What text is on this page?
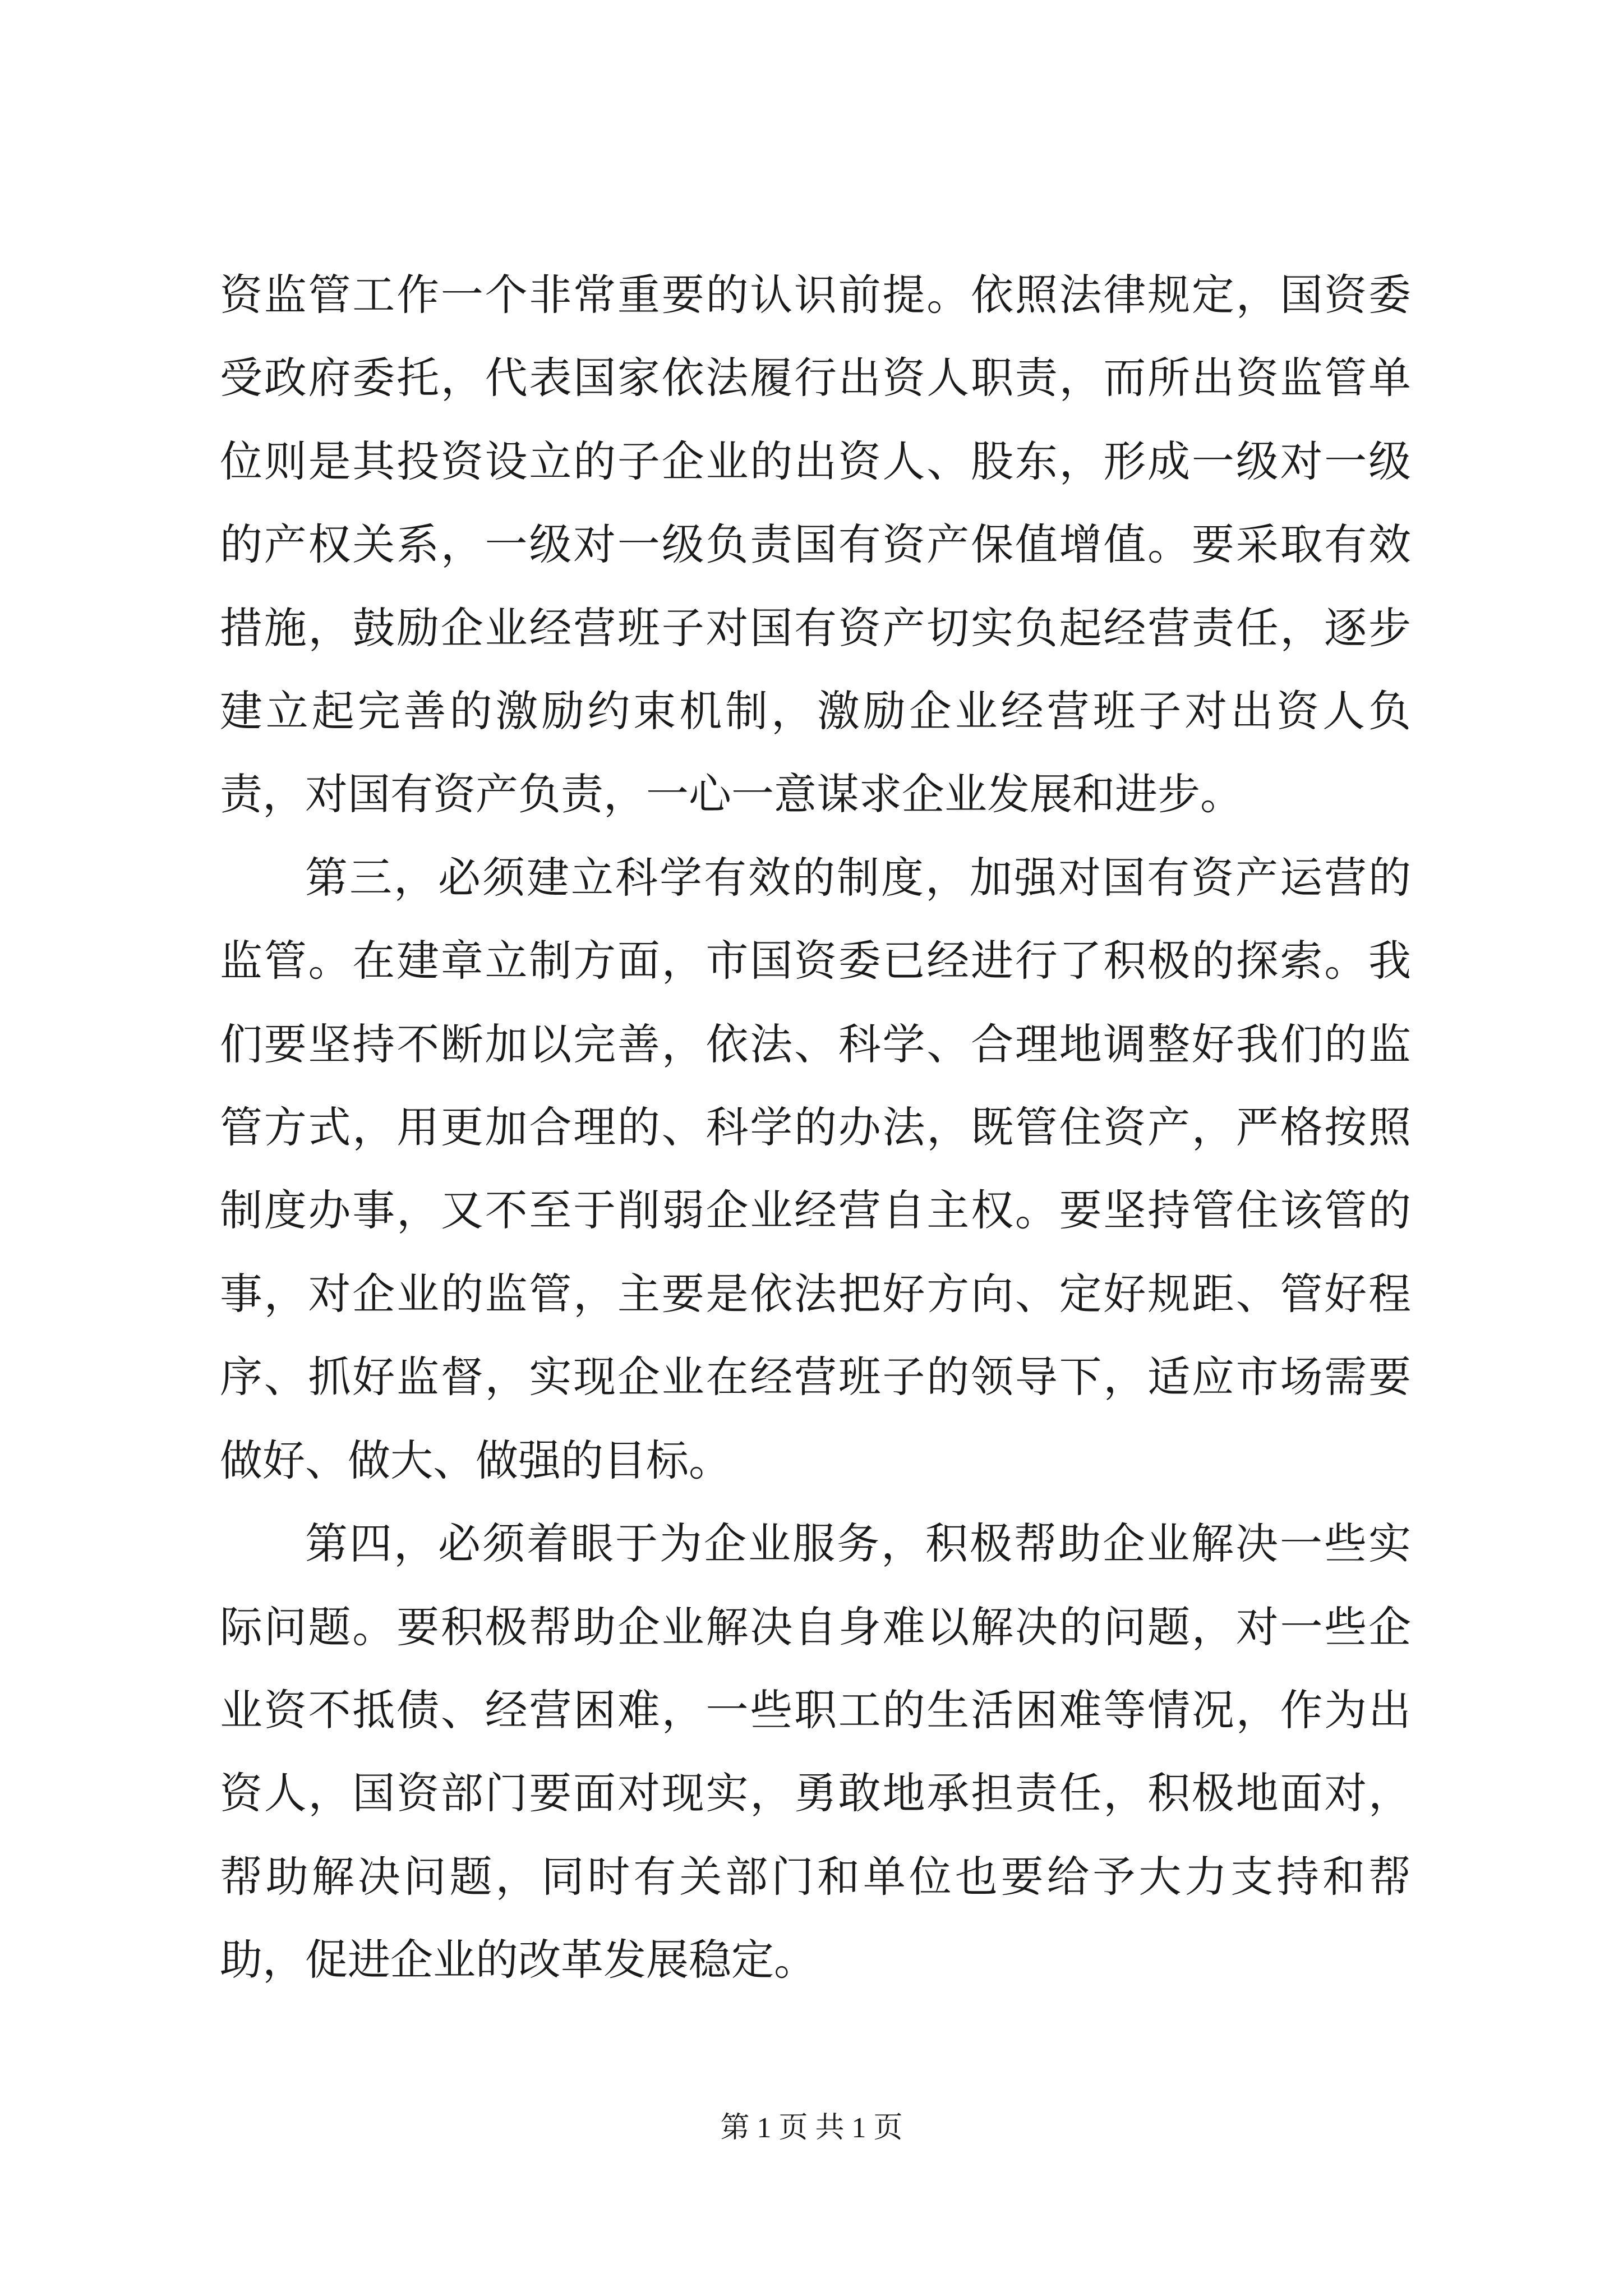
资监管工作一个非常重要的认识前提。依照法律规定，国资委受政府委托，代表国家依法履行出资人职责，而所出资监管单位则是其投资设立的子企业的出资人、股东，形成一级对一级的产权关系，一级对一级负责国有资产保值增值。要采取有效措施，鼓励企业经营班子对国有资产切实负起经营责任，逐步建立起完善的激励约束机制，激励企业经营班子对出资人负责，对国有资产负责，一心一意谋求企业发展和进步。

第三，必须建立科学有效的制度，加强对国有资产运营的监管。在建章立制方面，市国资委已经进行了积极的探索。我们要坚持不断加以完善，依法、科学、合理地调整好我们的监管方式，用更加合理的、科学的办法，既管住资产，严格按照制度办事，又不至于削弱企业经营自主权。要坚持管住该管的事，对企业的监管，主要是依法把好方向、定好规距、管好程序、抓好监督，实现企业在经营班子的领导下，适应市场需要做好、做大、做强的目标。

第四，必须着眼于为企业服务，积极帮助企业解决一些实际问题。要积极帮助企业解决自身难以解决的问题，对一些企业资不抵债、经营困难，一些职工的生活困难等情况，作为出资人，国资部门要面对现实，勇敢地承担责任，积极地面对，帮助解决问题，同时有关部门和单位也要给予大力支持和帮助，促进企业的改革发展稳定。

第 1 页 共 1 页
